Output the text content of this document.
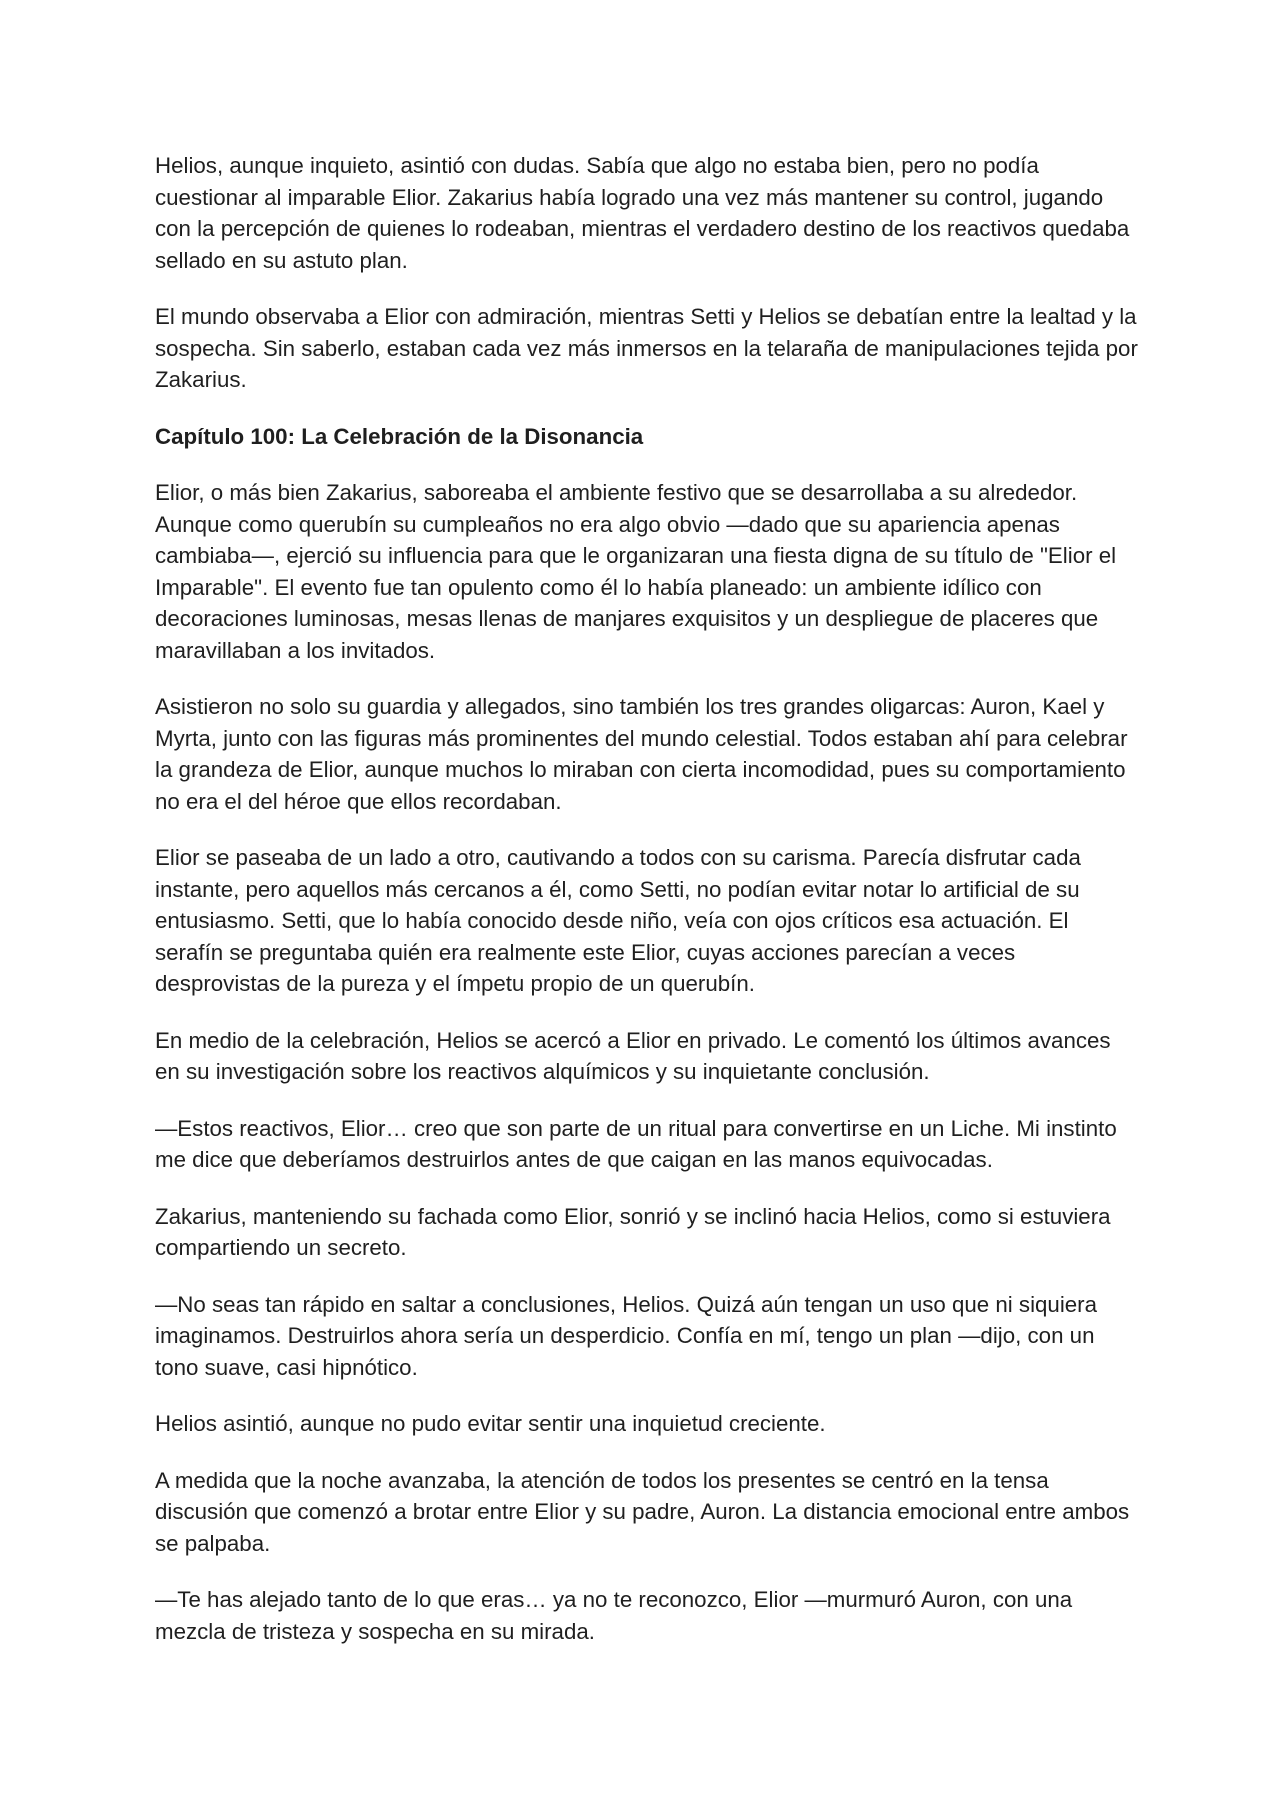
Helios, aunque inquieto, asintió con dudas. Sabía que algo no estaba bien, pero no podía cuestionar al imparable Elior. Zakarius había logrado una vez más mantener su control, jugando con la percepción de quienes lo rodeaban, mientras el verdadero destino de los reactivos quedaba sellado en su astuto plan.

El mundo observaba a Elior con admiración, mientras Setti y Helios se debatían entre la lealtad y la sospecha. Sin saberlo, estaban cada vez más inmersos en la telaraña de manipulaciones tejida por Zakarius.

Capítulo 100: La Celebración de la Disonancia

Elior, o más bien Zakarius, saboreaba el ambiente festivo que se desarrollaba a su alrededor. Aunque como querubín su cumpleaños no era algo obvio —dado que su apariencia apenas cambiaba—, ejerció su influencia para que le organizaran una fiesta digna de su título de "Elior el Imparable". El evento fue tan opulento como él lo había planeado: un ambiente idílico con decoraciones luminosas, mesas llenas de manjares exquisitos y un despliegue de placeres que maravillaban a los invitados.

Asistieron no solo su guardia y allegados, sino también los tres grandes oligarcas: Auron, Kael y Myrta, junto con las figuras más prominentes del mundo celestial. Todos estaban ahí para celebrar la grandeza de Elior, aunque muchos lo miraban con cierta incomodidad, pues su comportamiento no era el del héroe que ellos recordaban.

Elior se paseaba de un lado a otro, cautivando a todos con su carisma. Parecía disfrutar cada instante, pero aquellos más cercanos a él, como Setti, no podían evitar notar lo artificial de su entusiasmo. Setti, que lo había conocido desde niño, veía con ojos críticos esa actuación. El serafín se preguntaba quién era realmente este Elior, cuyas acciones parecían a veces desprovistas de la pureza y el ímpetu propio de un querubín.

En medio de la celebración, Helios se acercó a Elior en privado. Le comentó los últimos avances en su investigación sobre los reactivos alquímicos y su inquietante conclusión.

—Estos reactivos, Elior… creo que son parte de un ritual para convertirse en un Liche. Mi instinto me dice que deberíamos destruirlos antes de que caigan en las manos equivocadas.

Zakarius, manteniendo su fachada como Elior, sonrió y se inclinó hacia Helios, como si estuviera compartiendo un secreto.

—No seas tan rápido en saltar a conclusiones, Helios. Quizá aún tengan un uso que ni siquiera imaginamos. Destruirlos ahora sería un desperdicio. Confía en mí, tengo un plan —dijo, con un tono suave, casi hipnótico.

Helios asintió, aunque no pudo evitar sentir una inquietud creciente.

A medida que la noche avanzaba, la atención de todos los presentes se centró en la tensa discusión que comenzó a brotar entre Elior y su padre, Auron. La distancia emocional entre ambos se palpaba.

—Te has alejado tanto de lo que eras… ya no te reconozco, Elior —murmuró Auron, con una mezcla de tristeza y sospecha en su mirada.
